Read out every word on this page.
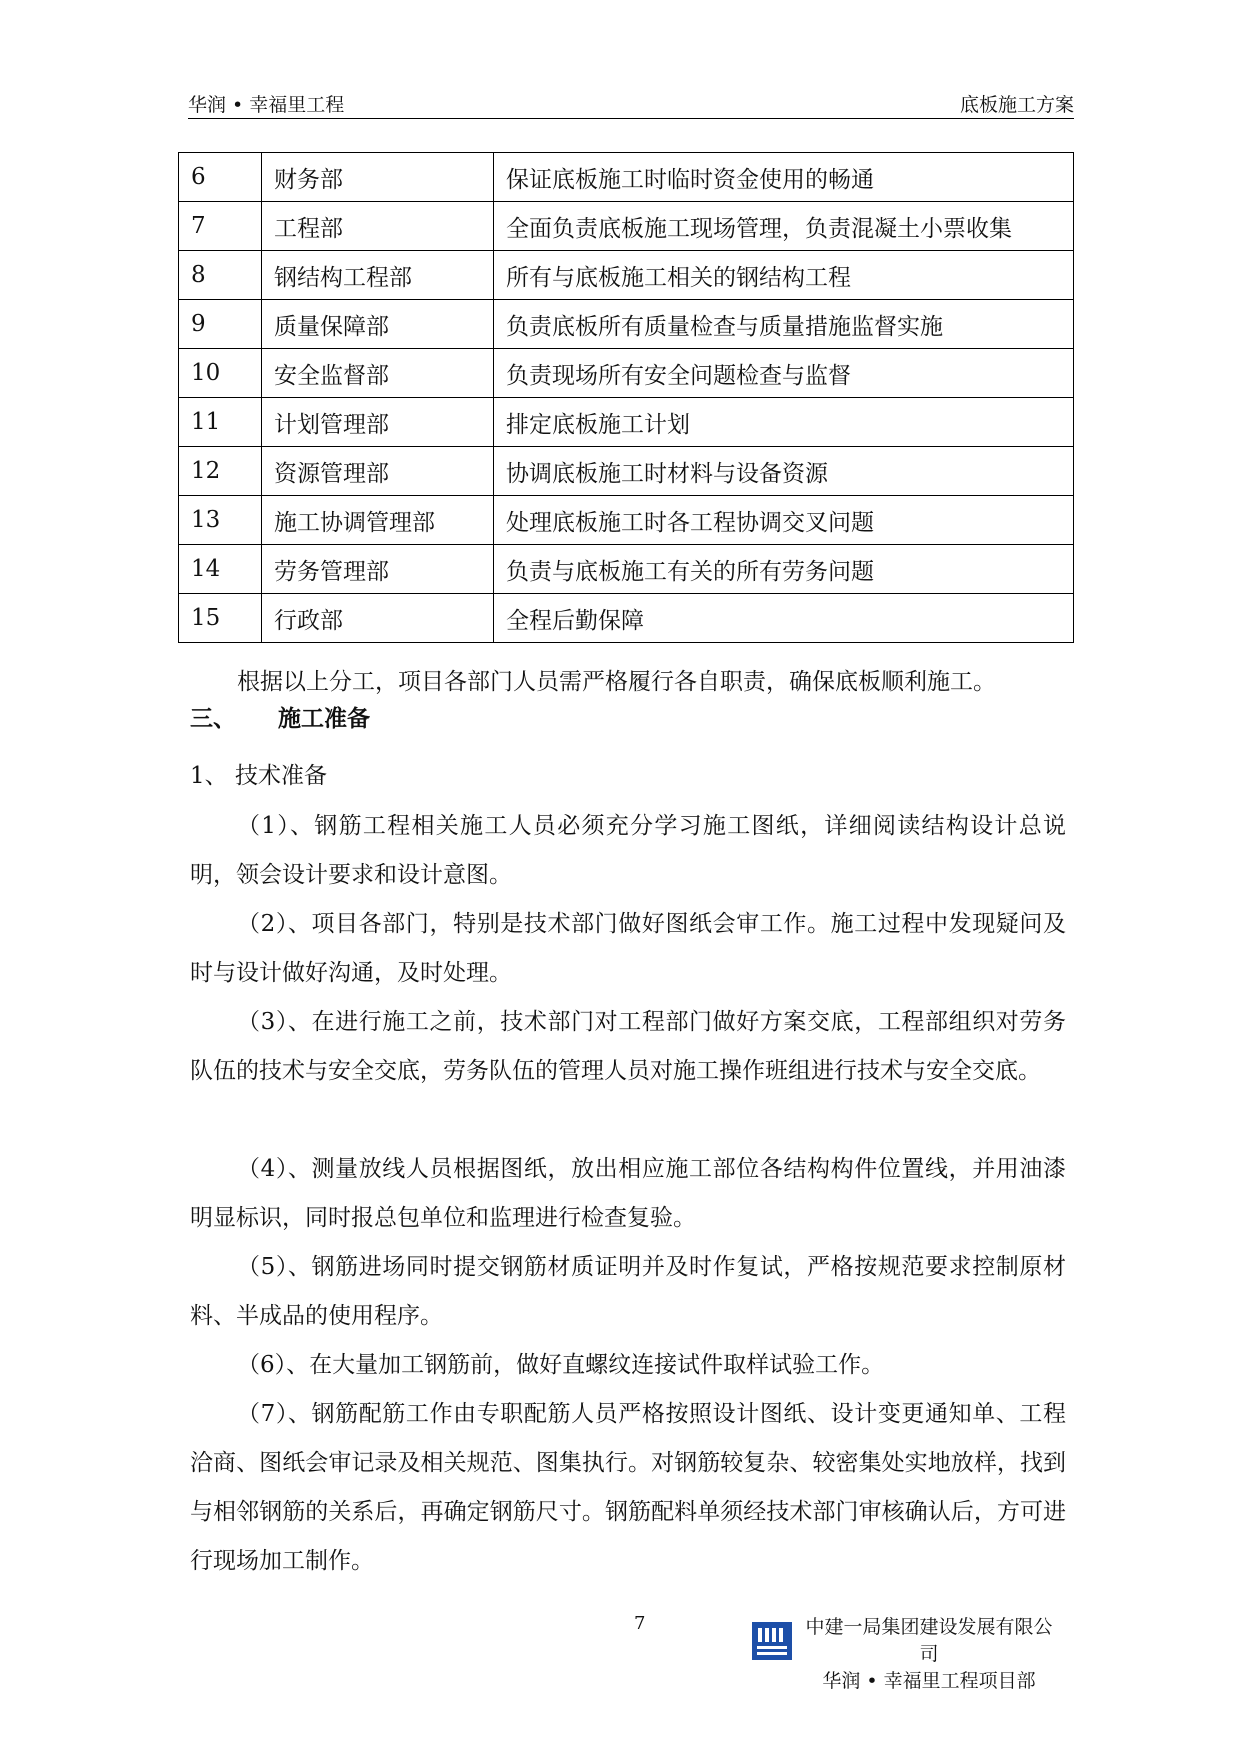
华润 • 幸福里工程	底板施工方案
6	财务部	保证底板施工时临时资金使用的畅通
7	工程部	全面负责底板施工现场管理，负责混凝土小票收集
8	钢结构工程部	所有与底板施工相关的钢结构工程
9	质量保障部	负责底板所有质量检查与质量措施监督实施
10	安全监督部	负责现场所有安全问题检查与监督
11	计划管理部	排定底板施工计划
12	资源管理部	协调底板施工时材料与设备资源
13	施工协调管理部	处理底板施工时各工程协调交叉问题
14	劳务管理部	负责与底板施工有关的所有劳务问题
15	行政部	全程后勤保障

根据以上分工，项目各部门人员需严格履行各自职责，确保底板顺利施工。

三、 施工准备
1、 技术准备

（1）、钢筋工程相关施工人员必须充分学习施工图纸，详细阅读结构设计总说明，领会设计要求和设计意图。

（2）、项目各部门，特别是技术部门做好图纸会审工作。施工过程中发现疑问及时与设计做好沟通，及时处理。

（3）、在进行施工之前，技术部门对工程部门做好方案交底，工程部组织对劳务队伍的技术与安全交底，劳务队伍的管理人员对施工操作班组进行技术与安全交底。

（4）、测量放线人员根据图纸，放出相应施工部位各结构构件位置线，并用油漆明显标识，同时报总包单位和监理进行检查复验。

（5）、钢筋进场同时提交钢筋材质证明并及时作复试，严格按规范要求控制原材料、半成品的使用程序。

（6）、在大量加工钢筋前，做好直螺纹连接试件取样试验工作。

（7）、钢筋配筋工作由专职配筋人员严格按照设计图纸、设计变更通知单、工程洽商、图纸会审记录及相关规范、图集执行。对钢筋较复杂、较密集处实地放样，找到与相邻钢筋的关系后，再确定钢筋尺寸。钢筋配料单须经技术部门审核确认后，方可进行现场加工制作。

7	中建一局集团建设发展有限公司
华润 • 幸福里工程项目部
